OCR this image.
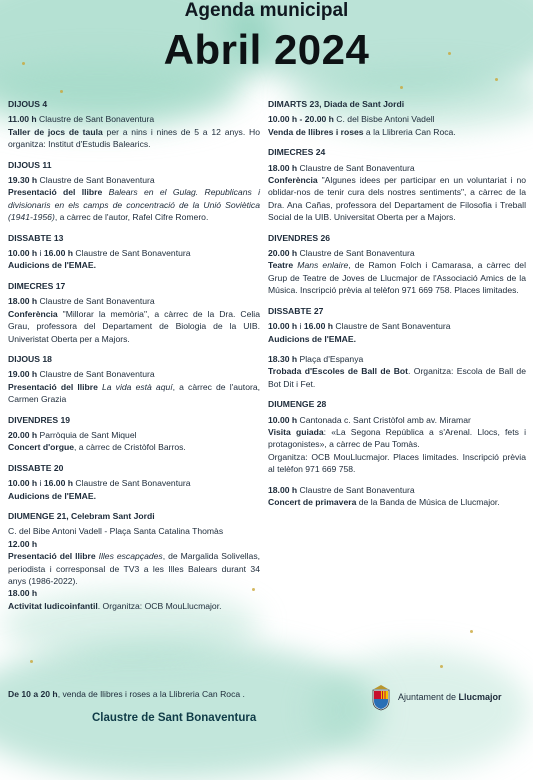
Agenda municipal
Abril 2024
DIJOUS 4
11.00 h Claustre de Sant Bonaventura
Taller de jocs de taula per a nins i nines de 5 a 12 anys. Ho organitza: Institut d'Estudis Balearics.
DIJOUS 11
19.30 h Claustre de Sant Bonaventura
Presentació del llibre Balears en el Gulag. Republicans i divisionaris en els camps de concentració de la Unió Soviètica (1941-1956), a càrrec de l'autor, Rafel Cifre Romero.
DISSABTE 13
10.00 h i 16.00 h Claustre de Sant Bonaventura
Audicions de l'EMAE.
DIMECRES 17
18.00 h Claustre de Sant Bonaventura
Conferència "Millorar la memòria", a càrrec de la Dra. Celia Grau, professora del Departament de Biologia de la UIB. Univeristat Oberta per a Majors.
DIJOUS 18
19.00 h Claustre de Sant Bonaventura
Presentació del llibre La vida està aquí, a càrrec de l'autora, Carmen Grazia
DIVENDRES 19
20.00 h Parròquia de Sant Miquel
Concert d'orgue, a càrrec de Cristòfol Barros.
DISSABTE 20
10.00 h i 16.00 h Claustre de Sant Bonaventura
Audicions de l'EMAE.
DIUMENGE 21, Celebram Sant Jordi
C. del Bibe Antoni Vadell - Plaça Santa Catalina Thomàs
12.00 h
Presentació del llibre Illes escapçades, de Margalida Solivellas, periodista i corresponsal de TV3 a les Illes Balears durant 34 anys (1986-2022).
18.00 h
Activitat ludicoinfantil. Organitza: OCB MouLlucmajor.
DIMARTS 23, Diada de Sant Jordi
10.00 h - 20.00 h C. del Bisbe Antoni Vadell
Venda de llibres i roses a la Llibreria Can Roca.
DIMECRES 24
18.00 h Claustre de Sant Bonaventura
Conferència "Algunes idees per participar en un voluntariat i no oblidar-nos de tenir cura dels nostres sentiments", a càrrec de la Dra. Ana Cañas, professora del Departament de Filosofia i Treball Social de la UIB. Universitat Oberta per a Majors.
DIVENDRES 26
20.00 h Claustre de Sant Bonaventura
Teatre Mans enlaire, de Ramon Folch i Camarasa, a càrrec del Grup de Teatre de Joves de Llucmajor de l'Associació Amics de la Música. Inscripció prèvia al telèfon 971 669 758. Places limitades.
DISSABTE 27
10.00 h i 16.00 h Claustre de Sant Bonaventura
Audicions de l'EMAE.
18.30 h Plaça d'Espanya
Trobada d'Escoles de Ball de Bot. Organitza: Escola de Ball de Bot Dit i Fet.
DIUMENGE 28
10.00 h Cantonada c. Sant Cristòfol amb av. Miramar
Visita guiada: «La Segona República a s'Arenal. Llocs, fets i protagonistes», a càrrec de Pau Tomàs.
Organitza: OCB MouLlucmajor. Places limitades. Inscripció prèvia al telèfon 971 669 758.
18.00 h Claustre de Sant Bonaventura
Concert de primavera de la Banda de Música de Llucmajor.
De 10 a 20 h, venda de llibres i roses a la Llibreria Can Roca .
Claustre de Sant Bonaventura
Ajuntament de Llucmajor
